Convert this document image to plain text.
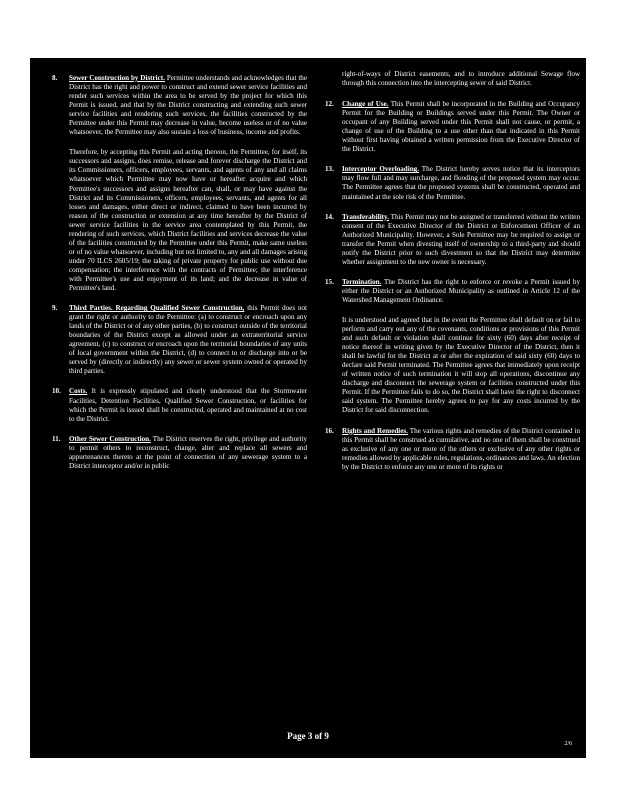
8.	Sewer Construction by District. Permittee understands and acknowledges that the District has the right and power to construct and extend sewer service facilities and render such services within the area to be served by the project for which this Permit is issued, and that by the District constructing and extending such sewer service facilities and rendering such services, the facilities constructed by the Permittee under this Permit may decrease in value, become useless or of no value whatsoever, the Permittee may also sustain a loss of business, income and profits.

Therefore, by accepting this Permit and acting thereon, the Permittee, for itself, its successors and assigns, does remise, release and forever discharge the District and its Commissioners, officers, employees, servants, and agents of any and all claims whatsoever which Permittee may now have or hereafter acquire and which Permittee's successors and assigns hereafter can, shall, or may have against the District and its Commissioners, officers, employees, servants, and agents for all losses and damages, either direct or indirect, claimed to have been incurred by reason of the construction or extension at any time hereafter by the District of sewer service facilities in the service area contemplated by this Permit, the rendering of such services, which District facilities and services decrease the value of the facilities constructed by the Permittee under this Permit, make same useless or of no value whatsoever, including but not limited to, any and all damages arising under 70 ILCS 2605/19; the taking of private property for public use without due compensation; the interference with the contracts of Permittee; the interference with Permittee's use and enjoyment of its land; and the decrease in value of Permittee's land.

9.	Third Parties. Regarding Qualified Sewer Construction, this Permit does not grant the right or authority to the Permittee: (a) to construct or encroach upon any lands of the District or of any other parties, (b) to construct outside of the territorial boundaries of the District except as allowed under an extraterritorial service agreement, (c) to construct or encroach upon the territorial boundaries of any units of local government within the District, (d) to connect to or discharge into or be served by (directly or indirectly) any sewer or sewer system owned or operated by third parties.
10.	Costs. It is expressly stipulated and clearly understood that the Stormwater Facilities, Detention Facilities, Qualified Sewer Construction, or facilities for which the Permit is issued shall be constructed, operated and maintained at no cost to the District.
11.	Other Sewer Construction. The District reserves the right, privilege and authority to permit others to reconstruct, change, alter and replace all sewers and appurtenances thereto at the point of connection of any sewerage system to a District interceptor and/or in public

right-of-ways of District easements, and to introduce additional Sewage flow through this connection into the intercepting sewer of said District.

12.	Change of Use. This Permit shall be incorporated in the Building and Occupancy Permit for the Building or Buildings served under this Permit. The Owner or occupant of any Building served under this Permit shall not cause, or permit, a change of use of the Building to a use other than that indicated in this Permit without first having obtained a written permission from the Executive Director of the District.
13.	Interceptor Overloading. The District hereby serves notice that its interceptors may flow full and may surcharge, and flooding of the proposed system may occur. The Permittee agrees that the proposed systems shall be constructed, operated and maintained at the sole risk of the Permittee.
14.	Transferability. This Permit may not be assigned or transferred without the written consent of the Executive Director of the District or Enforcement Officer of an Authorized Municipality. However, a Sole Permittee may be required to assign or transfer the Permit when divesting itself of ownership to a third-party and should notify the District prior to such divestment so that the District may determine whether assignment to the new owner is necessary.
15.	Termination. The District has the right to enforce or revoke a Permit issued by either the District or an Authorized Municipality as outlined in Article 12 of the Watershed Management Ordinance.

It is understood and agreed that in the event the Permittee shall default on or fail to perform and carry out any of the covenants, conditions or provisions of this Permit and such default or violation shall continue for sixty (60) days after receipt of notice thereof in writing given by the Executive Director of the District, then it shall be lawful for the District at or after the expiration of said sixty (60) days to declare said Permit terminated. The Permittee agrees that immediately upon receipt of written notice of such termination it will stop all operations, discontinue any discharge and disconnect the sewerage system or facilities constructed under this Permit. If the Permittee fails to do so, the District shall have the right to disconnect said system. The Permittee hereby agrees to pay for any costs incurred by the District for said disconnection.

16.	Rights and Remedies. The various rights and remedies of the District contained in this Permit shall be construed as cumulative, and no one of them shall be construed as exclusive of any one or more of the others or exclusive of any other rights or remedies allowed by applicable rules, regulations, ordinances and laws. An election by the District to enforce any one or more of its rights or
Page 3 of 9
2/6
